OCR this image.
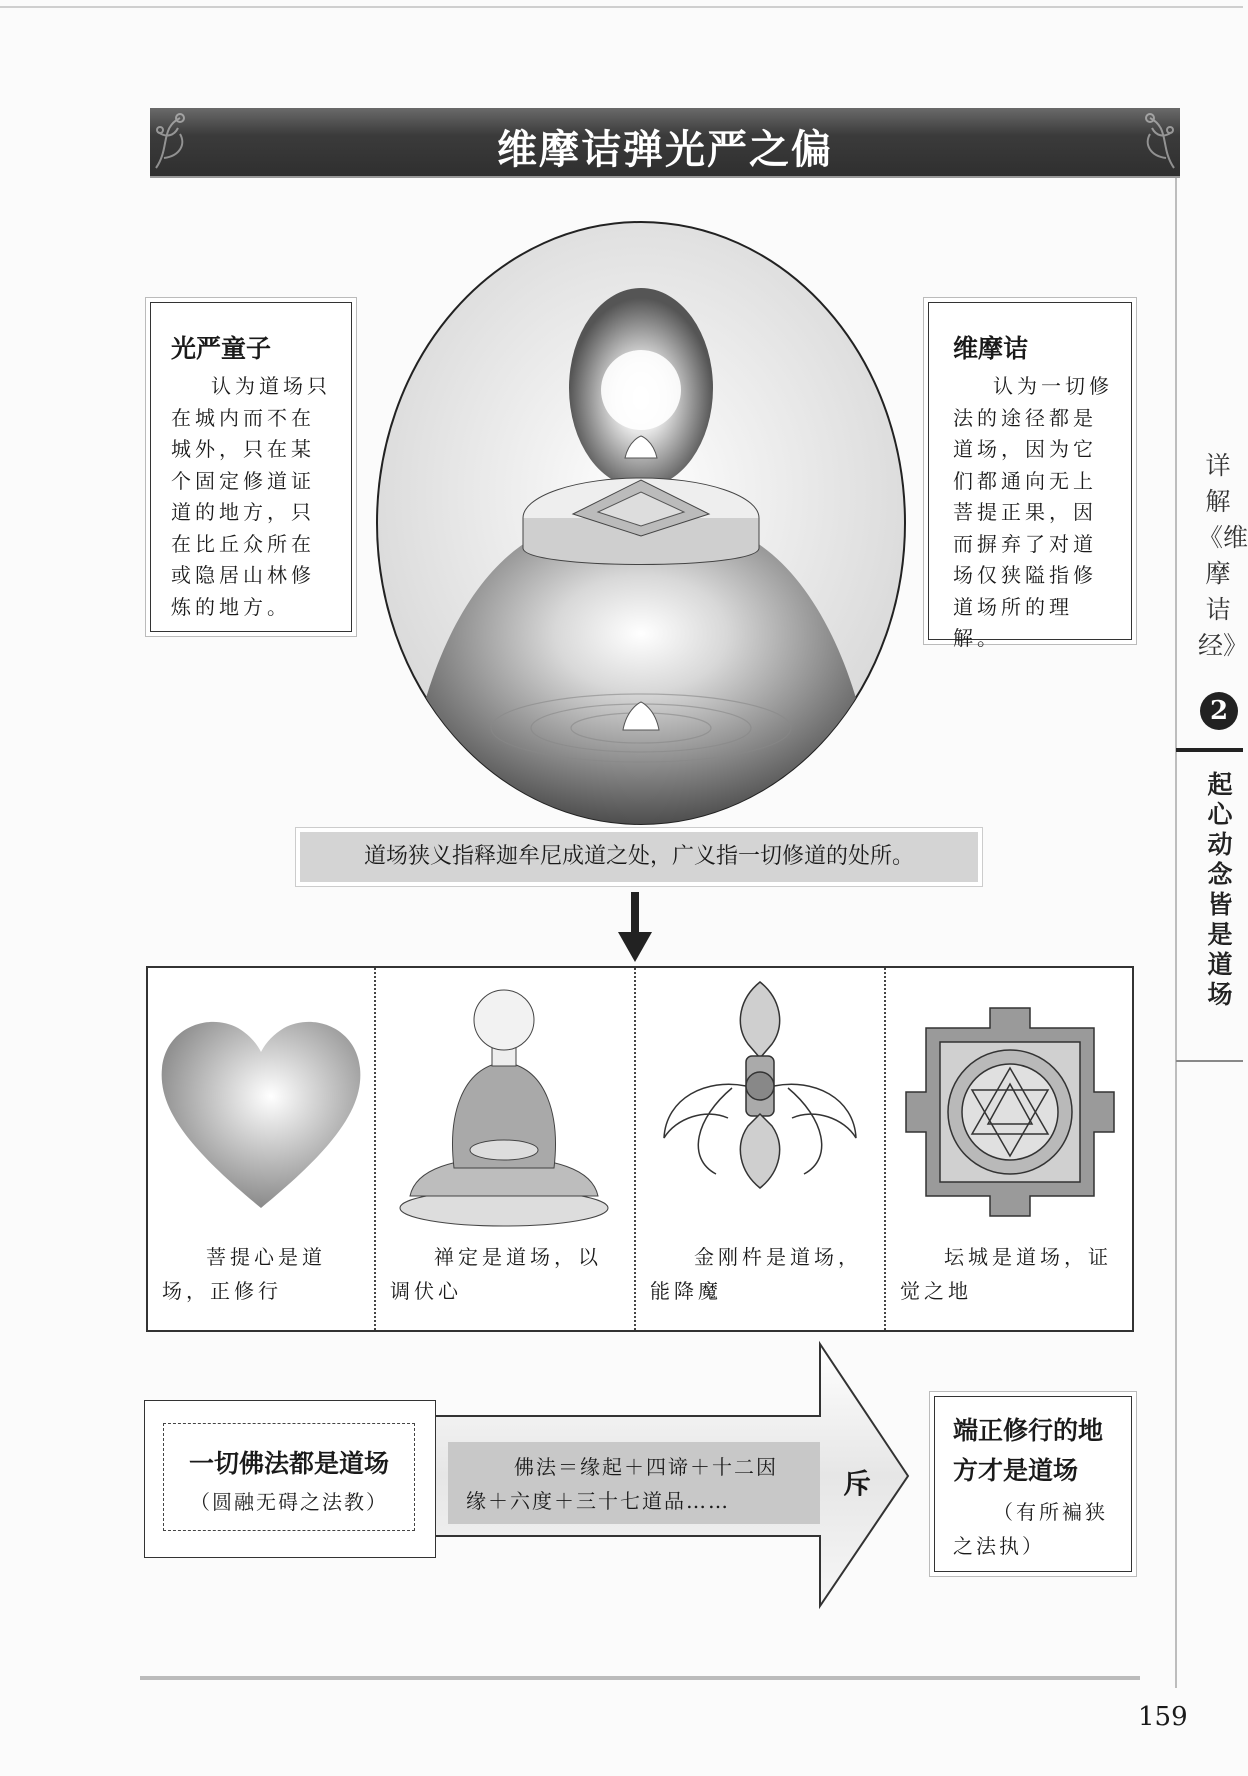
维摩诘弹光严之偏
光严童子

认为道场只在城内而不在城外，只在某个固定修道证道的地方，只在比丘众所在或隐居山林修炼的地方。

维摩诘

认为一切修法的途径都是道场，因为它们都通向无上菩提正果，因而摒弃了对道场仅狭隘指修道场所的理解。

道场狭义指释迦牟尼成道之处，广义指一切修道的处所。
菩提心是道场，正修行
禅定是道场，以调伏心
金刚杵是道场，能降魔
坛城是道场，证觉之地
一切佛法都是道场

（圆融无碍之法教）

佛法＝缘起＋四谛＋十二因

缘＋六度＋三十七道品……

斥
端正修行的地方才是道场

（有所褊狭之法执）

159
详解《维摩诘经》
2
起心动念皆是道场
